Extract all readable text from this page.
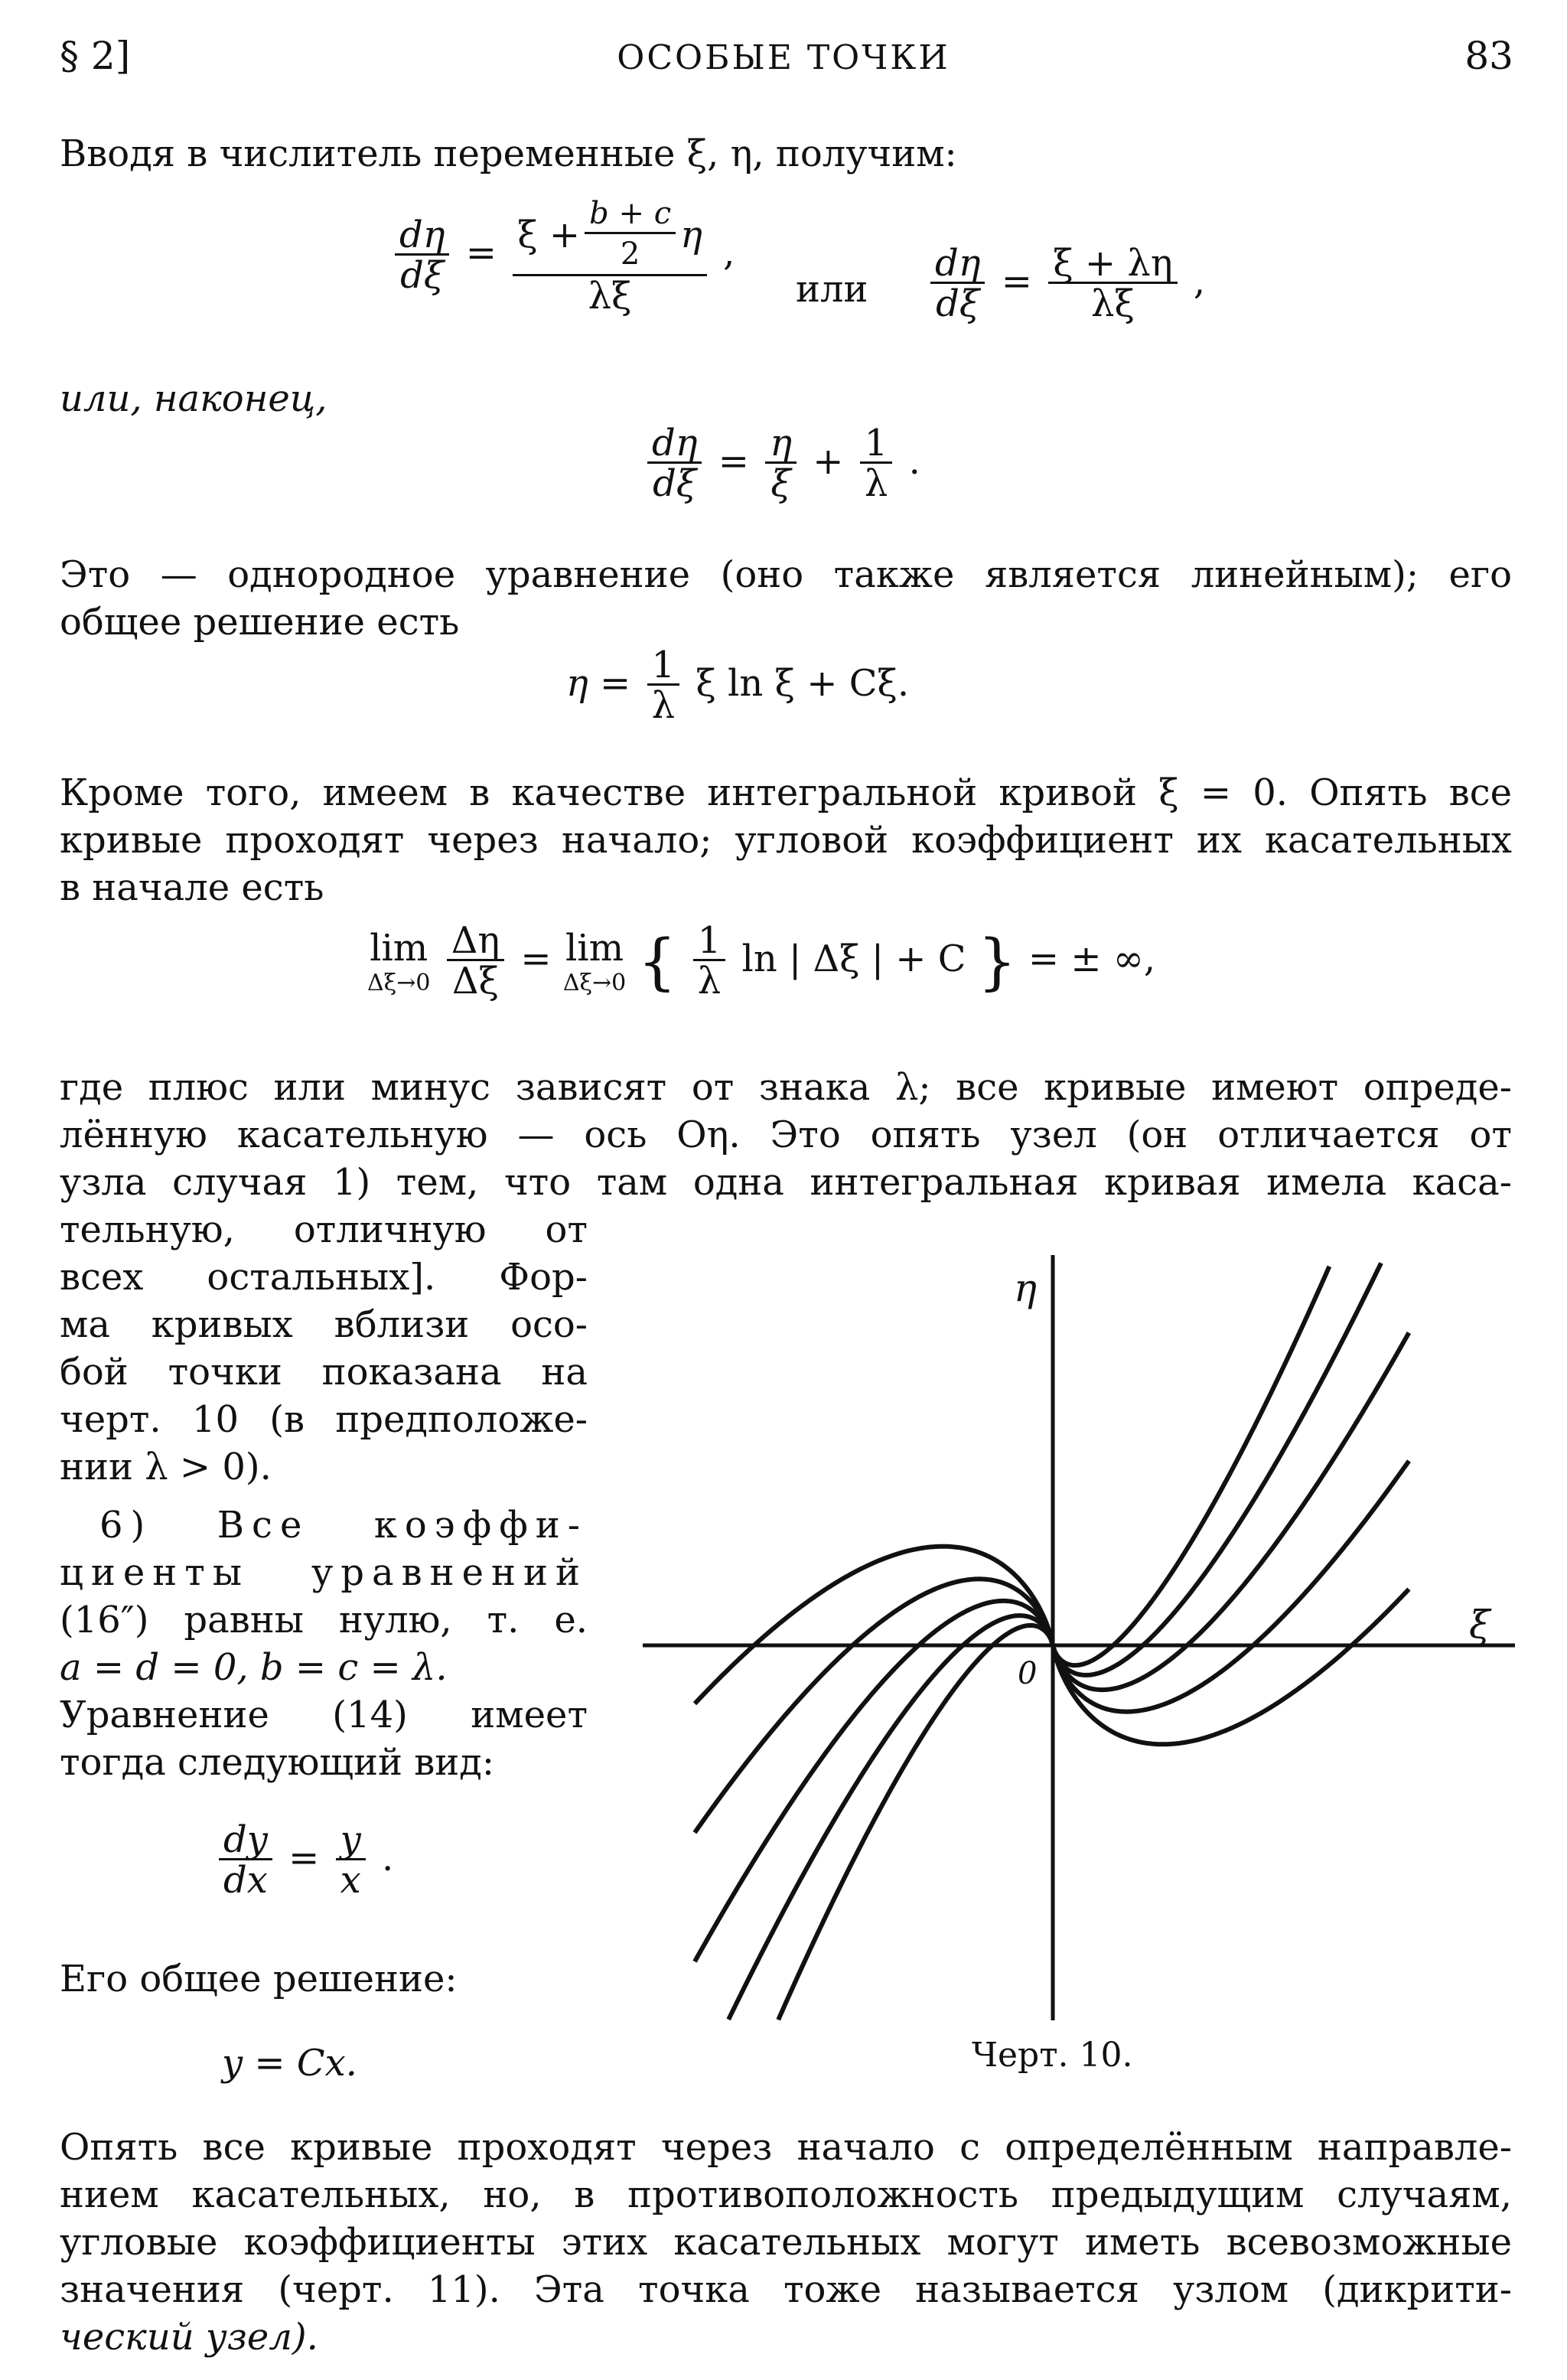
§ 2]	ОСОБЫЕ ТОЧКИ	83
Вводя в числитель переменные ξ, η, получим:
$\frac{d\eta}{d\xi} = \frac{\xi + \frac{b + c}{2} \eta}{\lambda\xi}$ ,
или $\frac{d\eta}{d\xi} = \frac{\xi + \lambda\eta}{\lambda\xi}$ ,
или, наконец,
$\frac{d\eta}{d\xi} = \frac{\eta}{\xi} + \frac{1}{\lambda}$ .
Это — однородное уравнение (оно также является линейным); его
общее решение есть
$\eta = \frac{1}{\lambda}$ ξ ln ξ + Cξ.
Кроме того, имеем в качестве интегральной кривой ξ = 0. Опять все
кривые проходят через начало; угловой коэффициент их касательных
в начале есть
lim
Δξ→0
$\frac{\Delta\eta}{\Delta\xi} = \lim$
Δξ→0 { $\frac{1}{\lambda}$ ln | Δξ | + C } = ± ∞,
где плюс или минус зависят от знака λ; все кривые имеют опреде-
лённую касательную — ось Oη. Это опять узел (он отличается от
узла случая 1) тем, что там одна интегральная кривая имела каса-
тельную, отличную от
всех остальных]. Фор-
ма кривых вблизи осо-
бой точки показана на
черт. 10 (в предположе-
нии λ > 0).
6) Все коэффи-
циенты уравнений
(16″) равны нулю, т. е.
a = d = 0, b = c = λ.
Уравнение (14) имеет
тогда следующий вид:
$\frac{dy}{dx} = \frac{y}{x}$ .
Его общее решение:
y = Cx.
η
ξ
0
Черт. 10.
Опять все кривые проходят через начало с определённым направле-
нием касательных, но, в противоположность предыдущим случаям,
угловые коэффициенты этих касательных могут иметь всевозможные
значения (черт. 11). Эта точка тоже называется узлом (дикрити-
ческий узел).
